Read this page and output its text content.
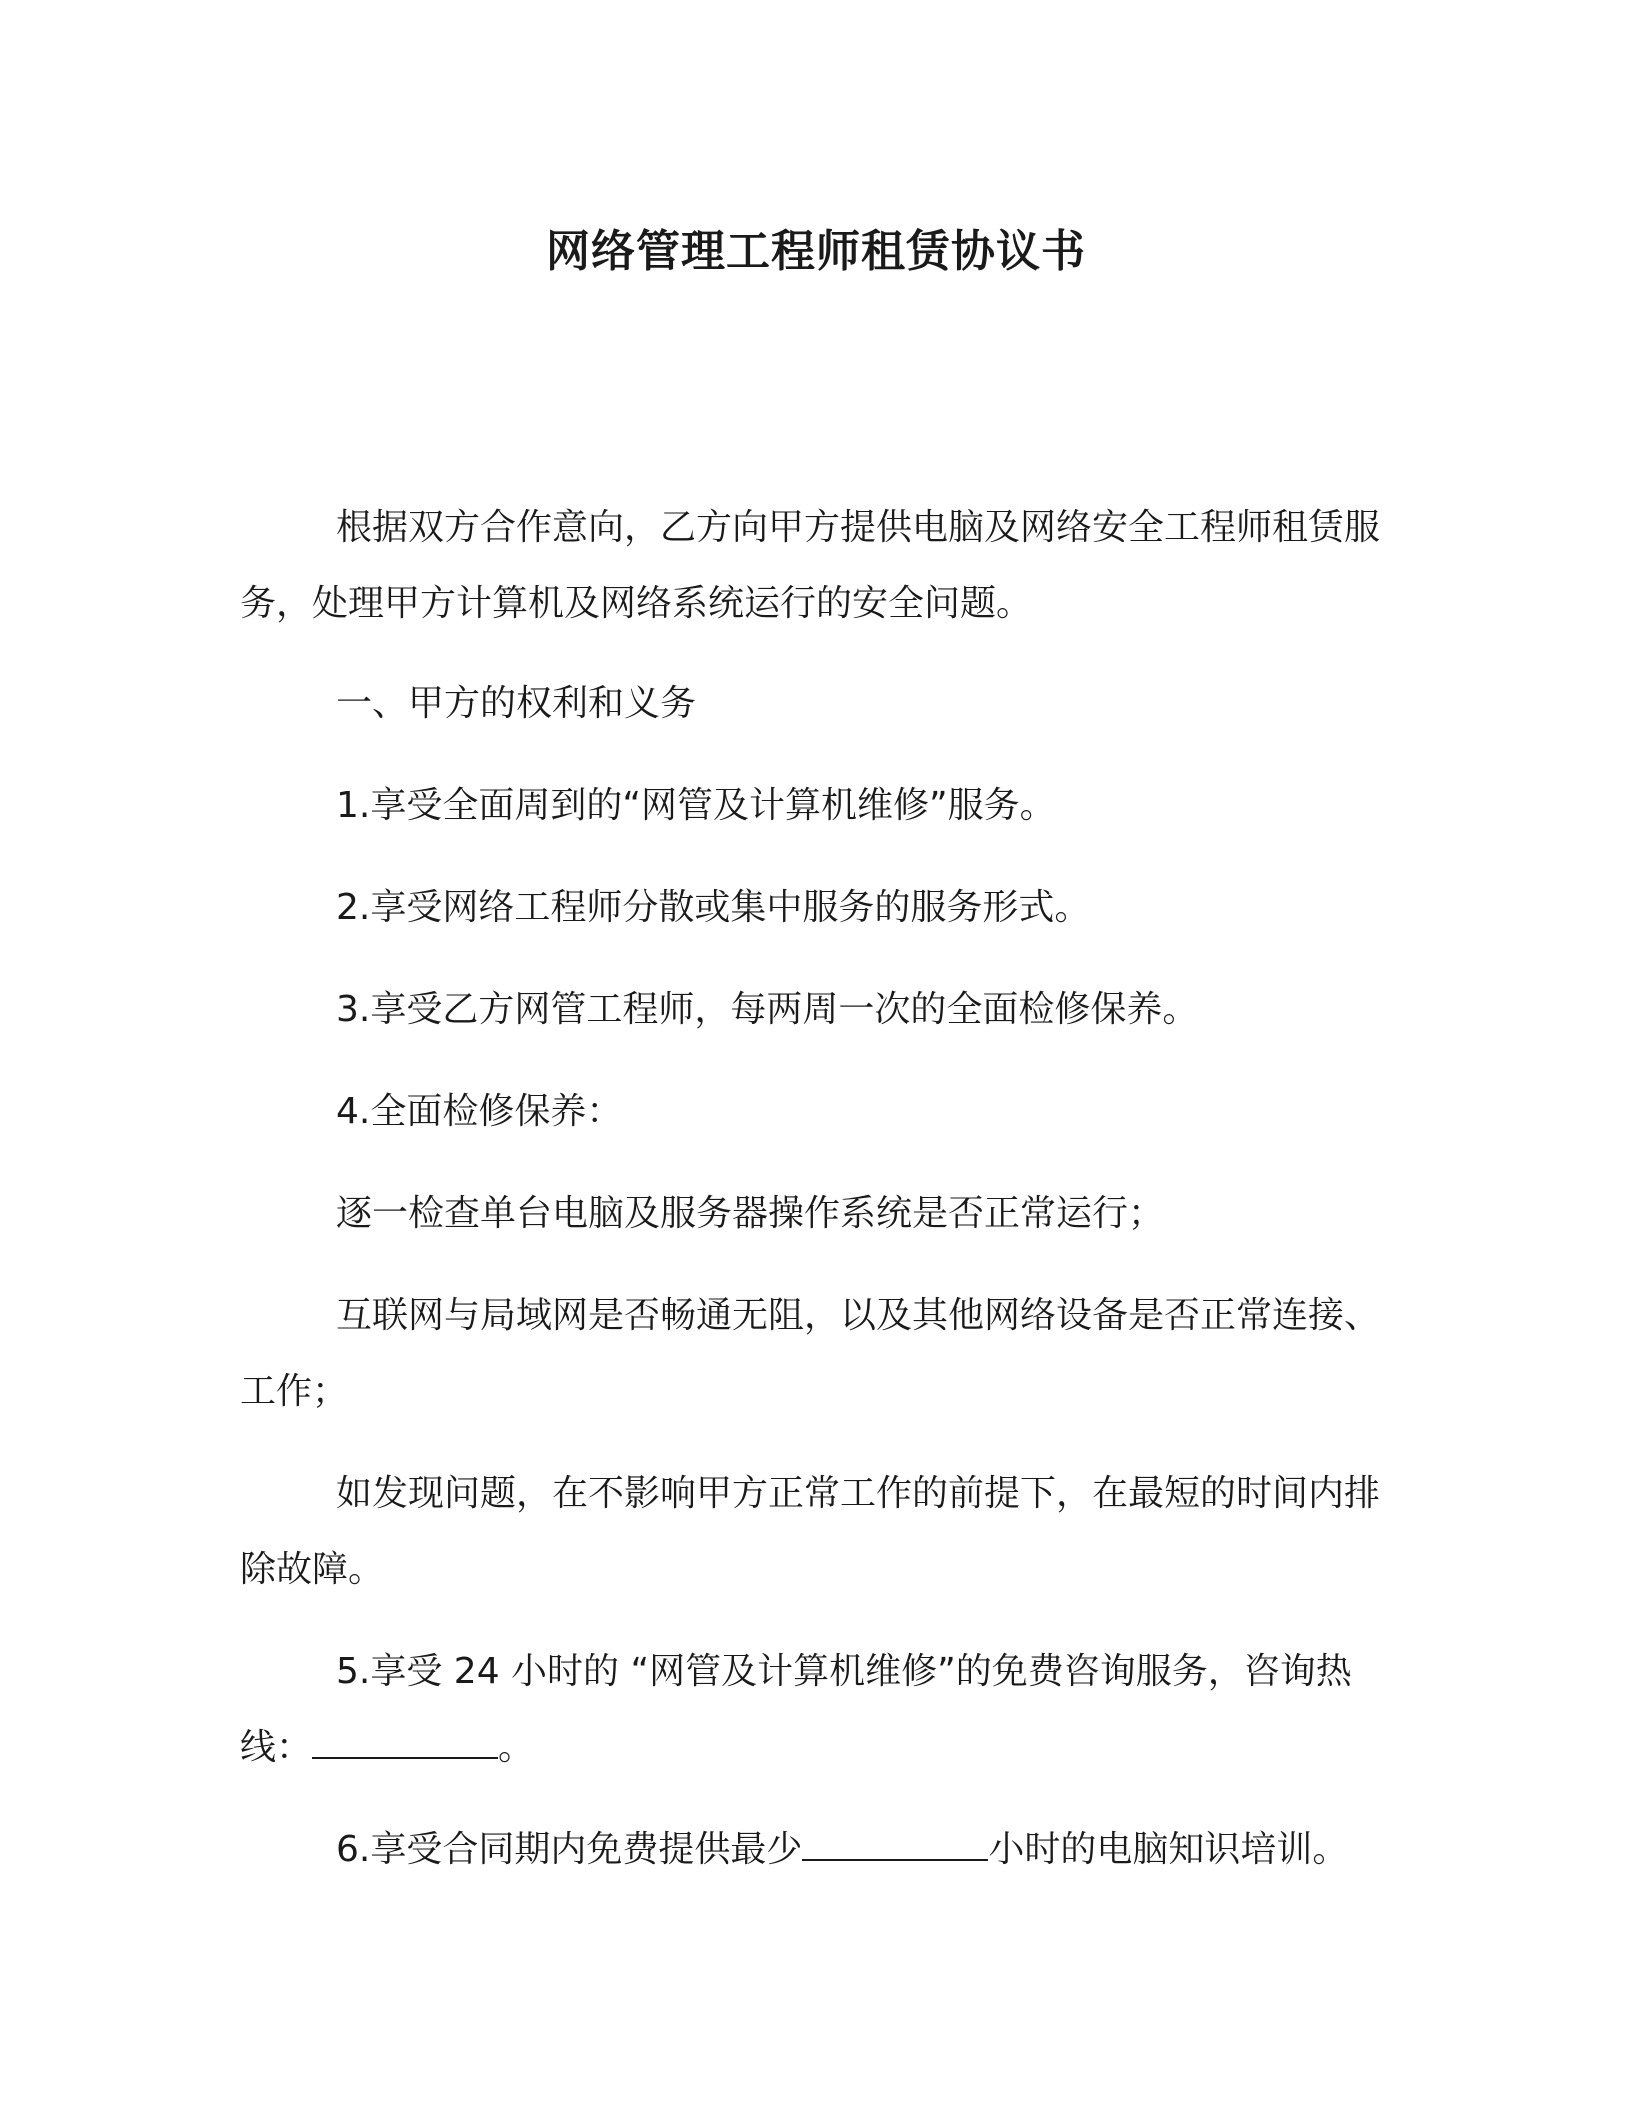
网络管理工程师租赁协议书
根据双方合作意向，乙方向甲方提供电脑及网络安全工程师租赁服务，处理甲方计算机及网络系统运行的安全问题。
一、甲方的权利和义务
1.享受全面周到的“网管及计算机维修”服务。
2.享受网络工程师分散或集中服务的服务形式。
3.享受乙方网管工程师，每两周一次的全面检修保养。
4.全面检修保养：
逐一检查单台电脑及服务器操作系统是否正常运行；
互联网与局域网是否畅通无阻，以及其他网络设备是否正常连接、工作；
如发现问题，在不影响甲方正常工作的前提下，在最短的时间内排除故障。
5.享受 24 小时的 “网管及计算机维修”的免费咨询服务，咨询热线：	。
6.享受合同期内免费提供最少	小时的电脑知识培训。
